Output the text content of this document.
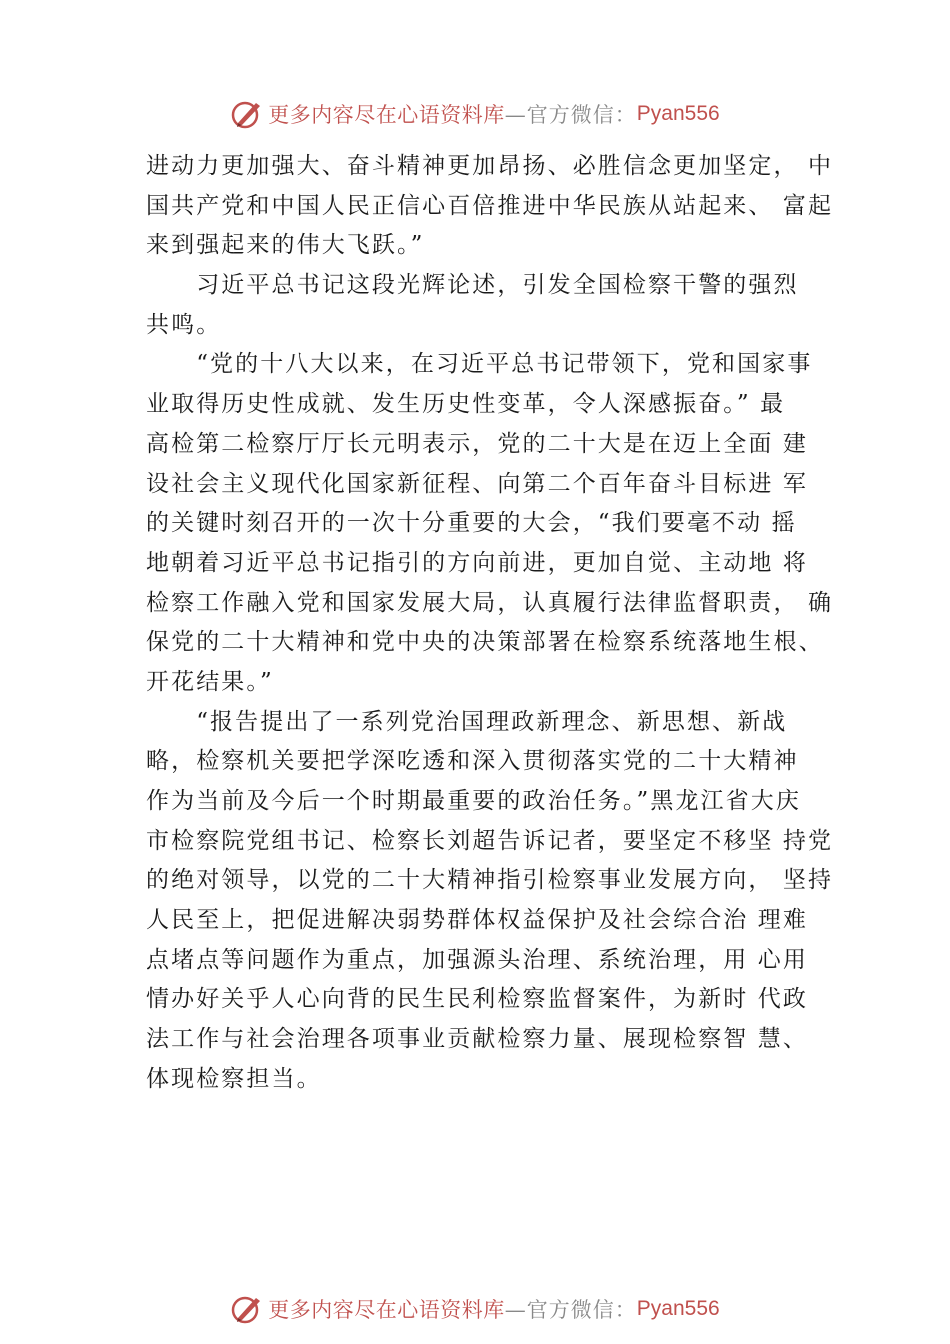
更多内容尽在心语资料库 —官方微信： Pyan556
进动力更加强大、奋斗精神更加昂扬、必胜信念更加坚定， 中
国共产党和中国人民正信心百倍推进中华民族从站起来、 富起
来到强起来的伟大飞跃。”
　　习近平总书记这段光辉论述，引发全国检察干警的强烈
共鸣。
　　“党的十八大以来，在习近平总书记带领下，党和国家事
业取得历史性成就、发生历史性变革，令人深感振奋。” 最
高检第二检察厅厅长元明表示，党的二十大是在迈上全面 建
设社会主义现代化国家新征程、向第二个百年奋斗目标进 军
的关键时刻召开的一次十分重要的大会，“我们要毫不动 摇
地朝着习近平总书记指引的方向前进，更加自觉、主动地 将
检察工作融入党和国家发展大局，认真履行法律监督职责， 确
保党的二十大精神和党中央的决策部署在检察系统落地生根、
开花结果。”
　　“报告提出了一系列党治国理政新理念、新思想、新战
略，检察机关要把学深吃透和深入贯彻落实党的二十大精神
作为当前及今后一个时期最重要的政治任务。”黑龙江省大庆
市检察院党组书记、检察长刘超告诉记者，要坚定不移坚 持党
的绝对领导，以党的二十大精神指引检察事业发展方向， 坚持
人民至上，把促进解决弱势群体权益保护及社会综合治 理难
点堵点等问题作为重点，加强源头治理、系统治理，用 心用
情办好关乎人心向背的民生民利检察监督案件，为新时 代政
法工作与社会治理各项事业贡献检察力量、展现检察智 慧、
体现检察担当。
更多内容尽在心语资料库 —官方微信： Pyan556
